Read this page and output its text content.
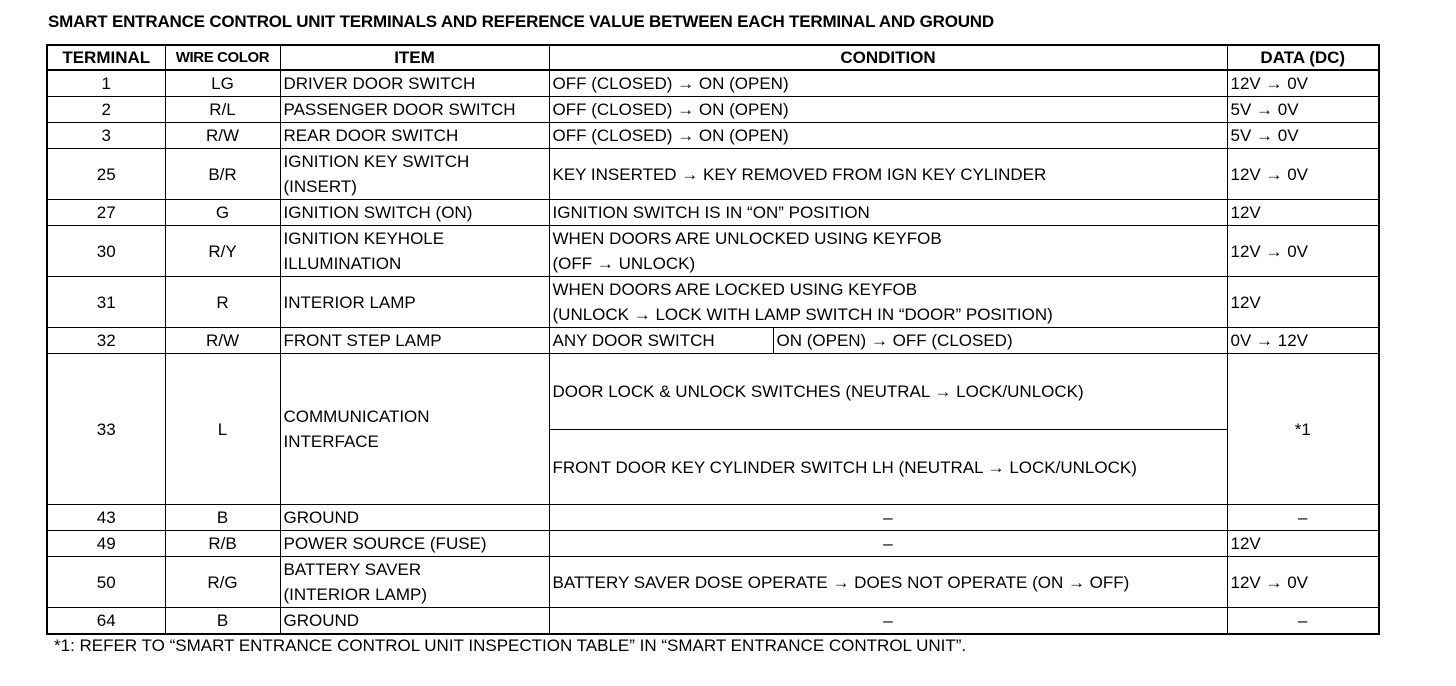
SMART ENTRANCE CONTROL UNIT TERMINALS AND REFERENCE VALUE BETWEEN EACH TERMINAL AND GROUND
TERMINAL	WIRE COLOR	ITEM	CONDITION		DATA (DC)
1	LG	DRIVER DOOR SWITCH	OFF (CLOSED) → ON (OPEN)		12V → 0V
2	R/L	PASSENGER DOOR SWITCH	OFF (CLOSED) → ON (OPEN)		5V → 0V
3	R/W	REAR DOOR SWITCH	OFF (CLOSED) → ON (OPEN)		5V → 0V
25	B/R	IGNITION KEY SWITCH
(INSERT)	KEY INSERTED → KEY REMOVED FROM IGN KEY CYLINDER		12V → 0V
27	G	IGNITION SWITCH (ON)	IGNITION SWITCH IS IN “ON” POSITION		12V
30	R/Y	IGNITION KEYHOLE
ILLUMINATION	WHEN DOORS ARE UNLOCKED USING KEYFOB
(OFF → UNLOCK)		12V → 0V
31	R	INTERIOR LAMP	WHEN DOORS ARE LOCKED USING KEYFOB
(UNLOCK → LOCK WITH LAMP SWITCH IN “DOOR” POSITION)		12V
32	R/W	FRONT STEP LAMP	ANY DOOR SWITCH	ON (OPEN) → OFF (CLOSED)	0V → 12V
33	L	COMMUNICATION
INTERFACE	DOOR LOCK & UNLOCK SWITCHES (NEUTRAL → LOCK/UNLOCK)		*1
			FRONT DOOR KEY CYLINDER SWITCH LH (NEUTRAL → LOCK/UNLOCK)		
43	B	GROUND	–		–
49	R/B	POWER SOURCE (FUSE)	–		12V
50	R/G	BATTERY SAVER
(INTERIOR LAMP)	BATTERY SAVER DOSE OPERATE → DOES NOT OPERATE (ON → OFF)		12V → 0V
64	B	GROUND	–		–
*1: REFER TO “SMART ENTRANCE CONTROL UNIT INSPECTION TABLE” IN “SMART ENTRANCE CONTROL UNIT”.
